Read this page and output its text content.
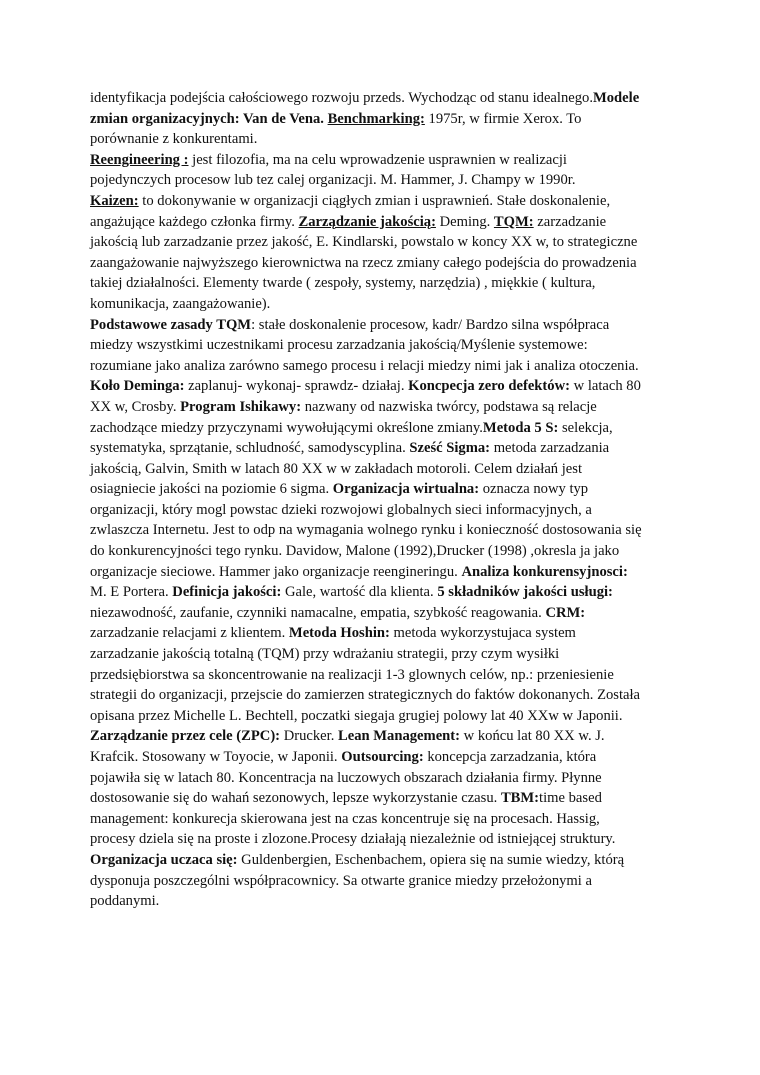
identyfikacja podejścia całościowego rozwoju przeds. Wychodząc od stanu idealnego.Modele
zmian organizacyjnych: Van de Vena. Benchmarking: 1975r, w firmie Xerox. To
porównanie z konkurentami.
Reengineering : jest filozofia, ma na celu wprowadzenie usprawnien w realizacji
pojedynczych procesow lub tez calej organizacji. M. Hammer, J. Champy w 1990r.
Kaizen: to dokonywanie w organizacji ciągłych zmian i usprawnień. Stałe doskonalenie,
angażujące każdego członka firmy. Zarządzanie jakością: Deming. TQM: zarzadzanie
jakością lub zarzadzanie przez jakość, E. Kindlarski, powstalo w koncy XX w, to strategiczne
zaangażowanie najwyższego kierownictwa na rzecz zmiany całego podejścia do prowadzenia
takiej działalności. Elementy twarde ( zespoły, systemy, narzędzia) , miękkie ( kultura,
komunikacja, zaangażowanie).
Podstawowe zasady TQM: stałe doskonalenie procesow, kadr/ Bardzo silna współpraca
miedzy wszystkimi uczestnikami procesu zarzadzania jakością/Myślenie systemowe:
rozumiane jako analiza zarówno samego procesu i relacji miedzy nimi jak i analiza otoczenia.
Koło Deminga: zaplanuj- wykonaj- sprawdz- działaj. Koncpecja zero defektów: w latach 80
XX w, Crosby. Program Ishikawy: nazwany od nazwiska twórcy, podstawa są relacje
zachodzące miedzy przyczynami wywołującymi określone zmiany.Metoda 5 S: selekcja,
systematyka, sprzątanie, schludność, samodyscyplina. Sześć Sigma: metoda zarzadzania
jakością, Galvin, Smith w latach 80 XX w w zakładach motoroli. Celem działań jest
osiagniecie jakości na poziomie 6 sigma. Organizacja wirtualna: oznacza nowy typ
organizacji, który mogl powstac dzieki rozwojowi globalnych sieci informacyjnych, a
zwlaszcza Internetu. Jest to odp na wymagania wolnego rynku i konieczność dostosowania się
do konkurencyjności tego rynku. Davidow, Malone (1992),Drucker (1998) ,okresla ja jako
organizacje sieciowe. Hammer jako organizacje reengineringu. Analiza konkurensyjnosci:
M. E Portera. Definicja jakości: Gale, wartość dla klienta. 5 składników jakości usługi:
niezawodność, zaufanie, czynniki namacalne, empatia, szybkość reagowania. CRM:
zarzadzanie relacjami z klientem. Metoda Hoshin: metoda wykorzystujaca system
zarzadzanie jakością totalną (TQM) przy wdrażaniu strategii, przy czym wysiłki
przedsiębiorstwa sa skoncentrowanie na realizacji 1-3 glownych celów, np.: przeniesienie
strategii do organizacji, przejscie do zamierzen strategicznych do faktów dokonanych. Została
opisana przez Michelle L. Bechtell, poczatki siegaja grugiej polowy lat 40 XXw w Japonii.
Zarządzanie przez cele (ZPC): Drucker. Lean Management: w końcu lat 80 XX w. J.
Krafcik. Stosowany w Toyocie, w Japonii. Outsourcing: koncepcja zarzadzania, która
pojawiła się w latach 80. Koncentracja na luczowych obszarach działania firmy. Płynne
dostosowanie się do wahań sezonowych, lepsze wykorzystanie czasu. TBM:time based
management: konkurecja skierowana jest na czas koncentruje się na procesach. Hassig,
procesy dziela się na proste i zlozone.Procesy działają niezależnie od istniejącej struktury.
Organizacja uczaca się: Guldenbergien, Eschenbachem, opiera się na sumie wiedzy, którą
dysponuja poszczególni współpracownicy. Sa otwarte granice miedzy przełożonymi a
poddanymi.
